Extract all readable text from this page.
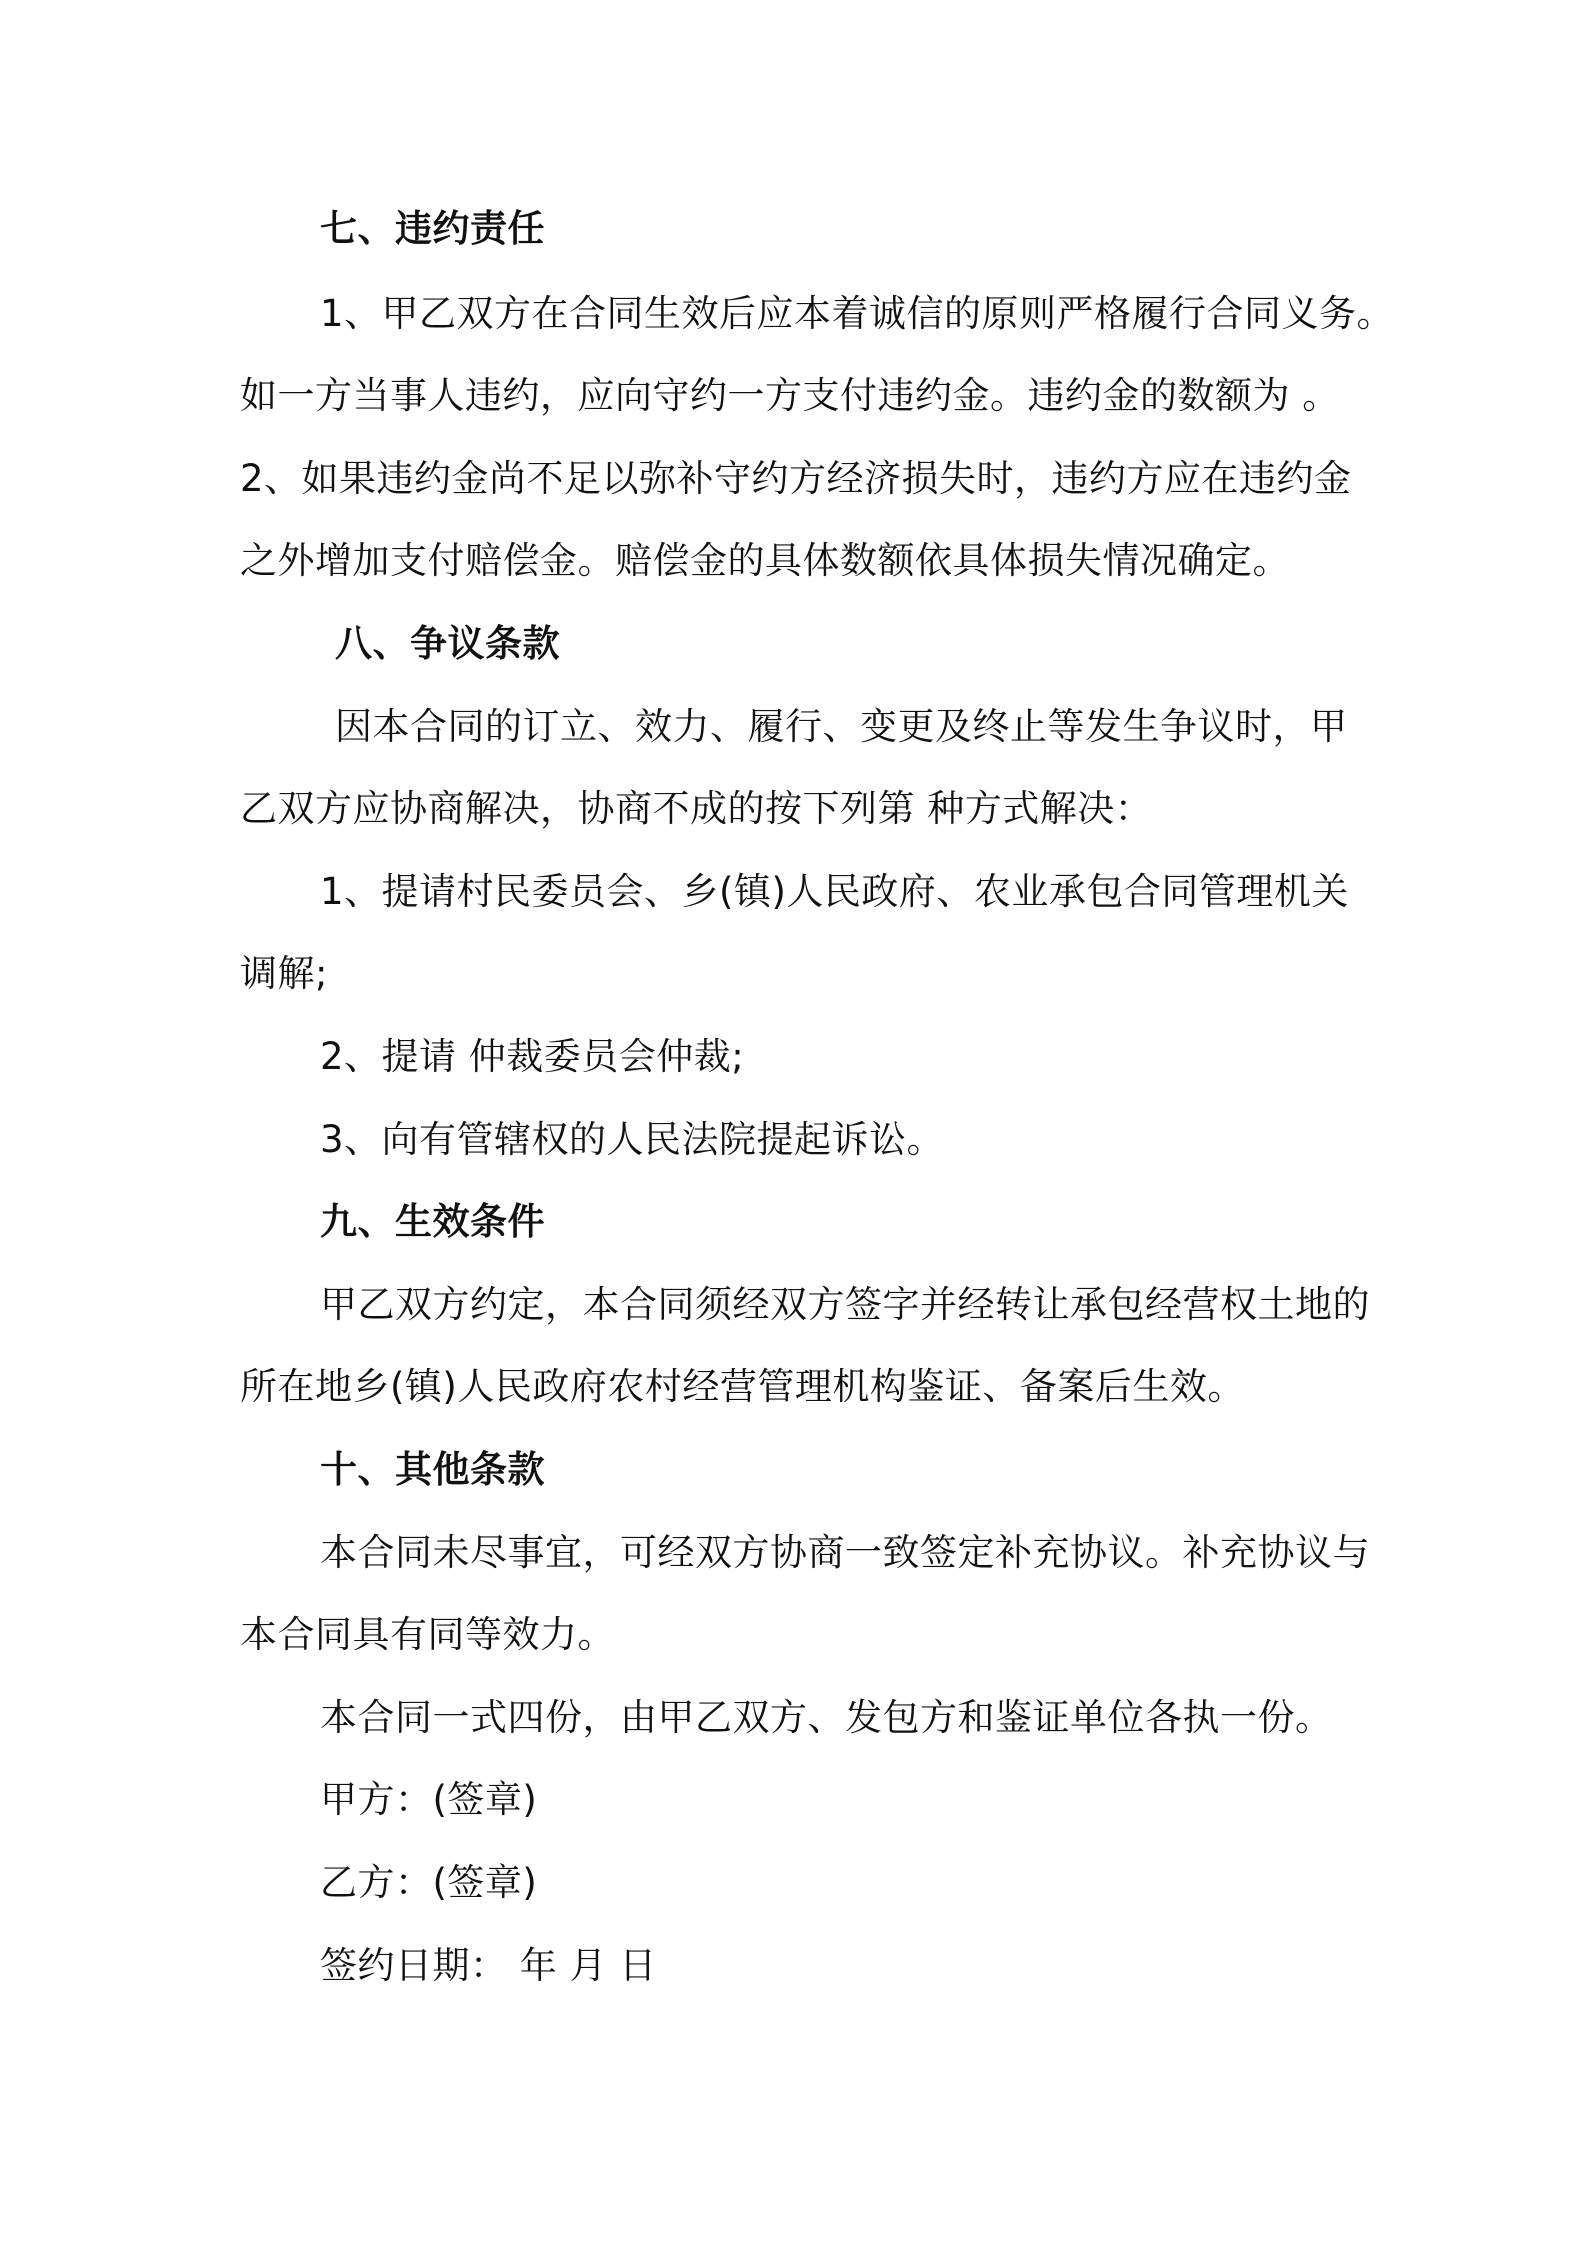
七、违约责任
1、甲乙双方在合同生效后应本着诚信的原则严格履行合同义务。
如一方当事人违约，应向守约一方支付违约金。违约金的数额为 。
2、如果违约金尚不足以弥补守约方经济损失时，违约方应在违约金
之外增加支付赔偿金。赔偿金的具体数额依具体损失情况确定。
八、争议条款
因本合同的订立、效力、履行、变更及终止等发生争议时，甲
乙双方应协商解决，协商不成的按下列第 种方式解决：
1、提请村民委员会、乡(镇)人民政府、农业承包合同管理机关
调解;
2、提请 仲裁委员会仲裁;
3、向有管辖权的人民法院提起诉讼。
九、生效条件
甲乙双方约定，本合同须经双方签字并经转让承包经营权土地的
所在地乡(镇)人民政府农村经营管理机构鉴证、备案后生效。
十、其他条款
本合同未尽事宜，可经双方协商一致签定补充协议。补充协议与
本合同具有同等效力。
本合同一式四份，由甲乙双方、发包方和鉴证单位各执一份。
甲方：(签章)
乙方：(签章)
签约日期： 年 月 日
